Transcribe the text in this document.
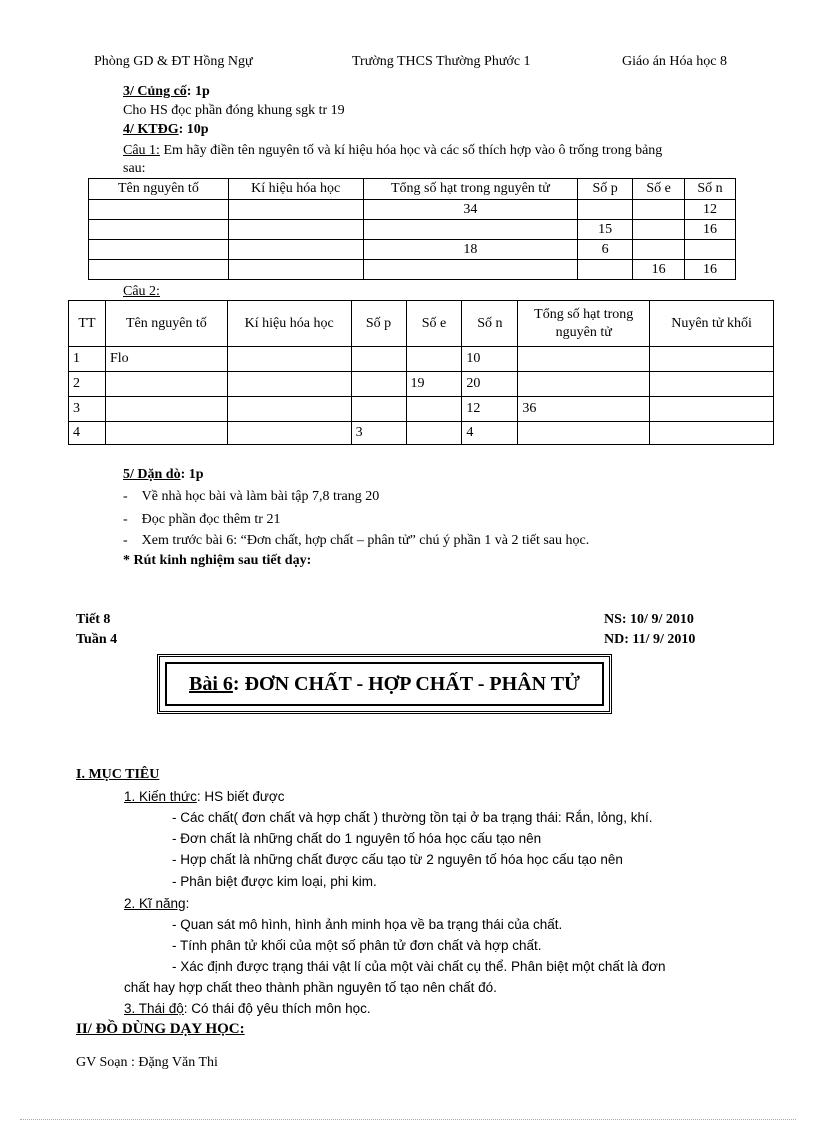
Phòng GD & ĐT Hồng Ngự	Trường THCS Thường Phước 1	Giáo án Hóa học 8
3/ Củng cố: 1p
Cho HS đọc phần đóng khung sgk tr 19
4/ KTĐG: 10p
Câu 1: Em hãy điền tên nguyên tố và kí hiệu hóa học và các số thích hợp vào ô trống trong bảng
sau:
Tên nguyên tố	Kí hiệu hóa học	Tổng số hạt trong nguyên tử	Số p	Số e	Số n
		34			12
			15		16
		18	6		
				16	16
Câu 2:
TT	Tên nguyên tố	Kí hiệu hóa học	Số p	Số e	Số n	Tổng số hạt trong nguyên tử	Nuyên tử khối
1	Flo				10		
2				19	20		
3					12	36	
4			3		4		
5/ Dặn dò: 1p
-    Về nhà học bài và làm bài tập 7,8 trang 20
-    Đọc phần đọc thêm tr 21
-    Xem trước bài 6: “Đơn chất, hợp chất – phân tử” chú ý phần 1 và 2 tiết sau học.
* Rút kinh nghiệm sau tiết dạy:
Tiết 8
Tuần 4
NS: 10/ 9/ 2010
ND: 11/ 9/ 2010
Bài 6 : ĐƠN CHẤT - HỢP CHẤT - PHÂN TỬ
I. MỤC TIÊU
1. Kiến thức: HS biết được
- Các chất( đơn chất và hợp chất ) thường tồn tại ở ba trạng thái: Rắn, lỏng, khí.
- Đơn chất là những chất do 1 nguyên tố hóa học cấu tạo nên
- Hợp chất là những chất được cấu tạo từ 2 nguyên tố hóa học cấu tạo nên
- Phân biệt được kim loại, phi kim.
2. Kĩ năng:
- Quan sát mô hình, hình ảnh minh họa về ba trạng thái của chất.
- Tính phân tử khối của một số phân tử đơn chất và hợp chất.
- Xác định được trạng thái vật lí của một vài chất cụ thể. Phân biệt một chất là đơn
chất hay hợp chất theo thành phần nguyên tố tạo nên chất đó.
3. Thái độ: Có thái độ yêu thích môn học.
II/ ĐỒ DÙNG DẠY HỌC:
GV Soạn : Đặng Văn Thi
